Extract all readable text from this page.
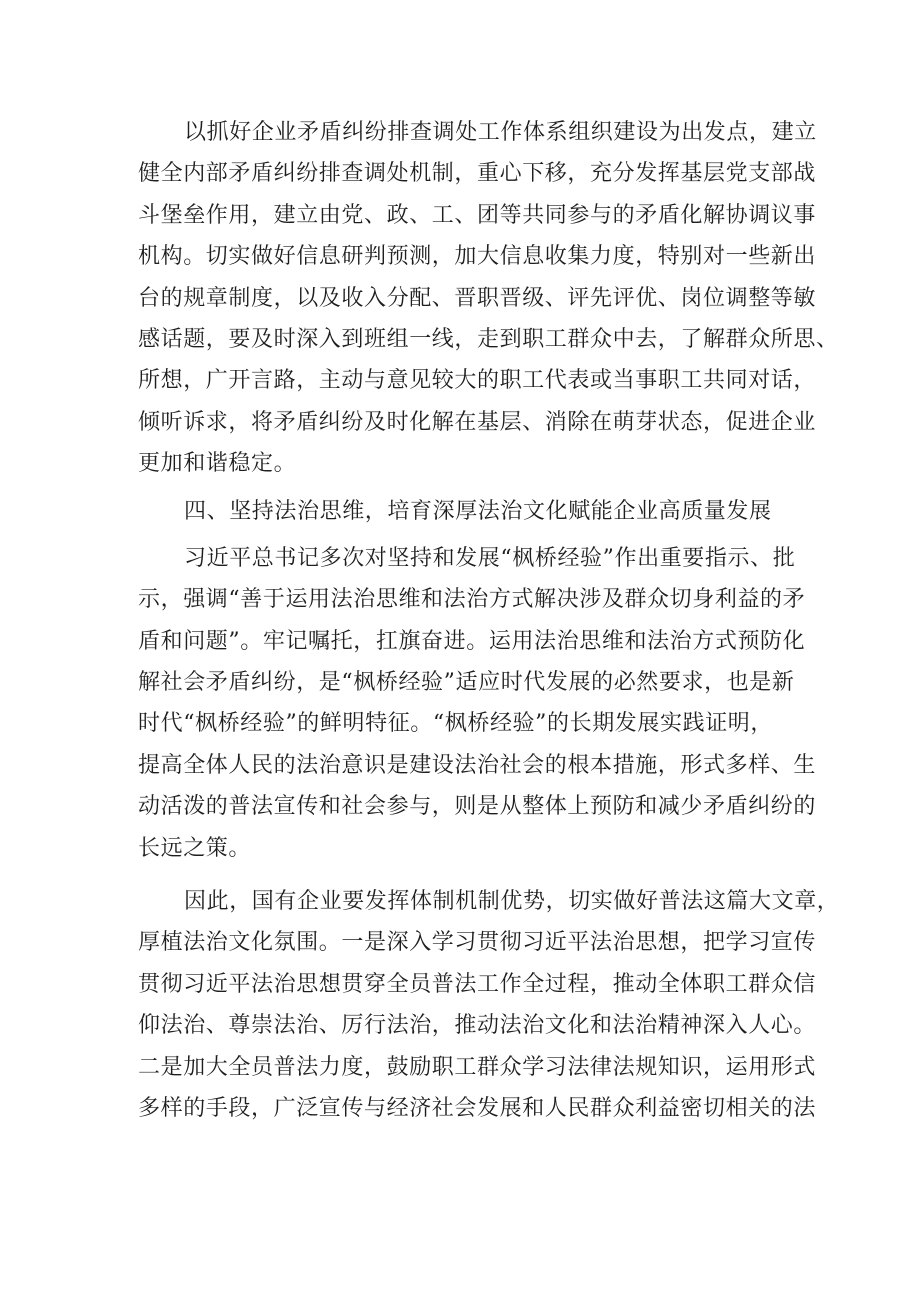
以抓好企业矛盾纠纷排查调处工作体系组织建设为出发点，建立
健全内部矛盾纠纷排查调处机制，重心下移，充分发挥基层党支部战
斗堡垒作用，建立由党、政、工、团等共同参与的矛盾化解协调议事
机构。切实做好信息研判预测，加大信息收集力度，特别对一些新出
台的规章制度，以及收入分配、晋职晋级、评先评优、岗位调整等敏
感话题，要及时深入到班组一线，走到职工群众中去，了解群众所思、
所想，广开言路，主动与意见较大的职工代表或当事职工共同对话，
倾听诉求，将矛盾纠纷及时化解在基层、消除在萌芽状态，促进企业
更加和谐稳定。
四、坚持法治思维，培育深厚法治文化赋能企业高质量发展
习近平总书记多次对坚持和发展“枫桥经验”作出重要指示、批
示，强调“善于运用法治思维和法治方式解决涉及群众切身利益的矛
盾和问题”。牢记嘱托，扛旗奋进。运用法治思维和法治方式预防化
解社会矛盾纠纷，是“枫桥经验”适应时代发展的必然要求，也是新
时代“枫桥经验”的鲜明特征。“枫桥经验”的长期发展实践证明，
提高全体人民的法治意识是建设法治社会的根本措施，形式多样、生
动活泼的普法宣传和社会参与，则是从整体上预防和减少矛盾纠纷的
长远之策。
因此，国有企业要发挥体制机制优势，切实做好普法这篇大文章，
厚植法治文化氛围。一是深入学习贯彻习近平法治思想，把学习宣传
贯彻习近平法治思想贯穿全员普法工作全过程，推动全体职工群众信
仰法治、尊崇法治、厉行法治，推动法治文化和法治精神深入人心。
二是加大全员普法力度，鼓励职工群众学习法律法规知识，运用形式
多样的手段，广泛宣传与经济社会发展和人民群众利益密切相关的法
